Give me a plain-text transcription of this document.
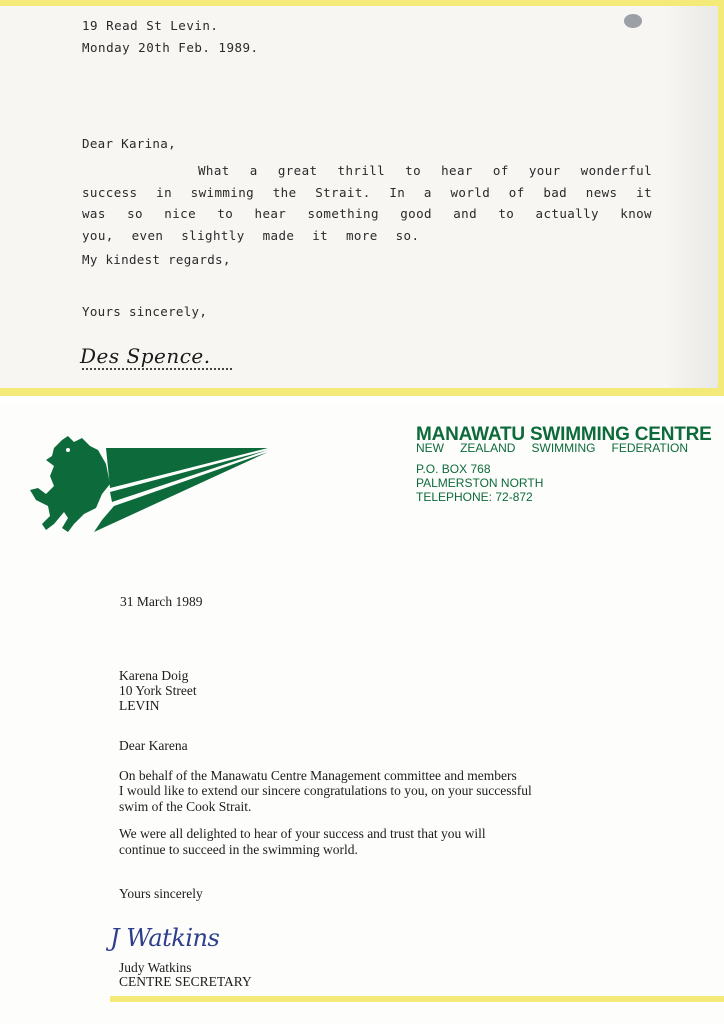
19 Read St Levin.
Monday 20th Feb. 1989.
Dear Karina,
What a great thrill to hear of your wonderful success in swimming the Strait. In a world of bad news it was so nice to hear something good and to actually know you, even slightly made it more so.
My kindest regards,
Yours sincerely,
Des Spence.
MANAWATU SWIMMING CENTRE
NEW ZEALAND SWIMMING FEDERATION
P.O. BOX 768
PALMERSTON NORTH
TELEPHONE: 72-872
31 March 1989
Karena Doig
10 York Street
LEVIN
Dear Karena
On behalf of the Manawatu Centre Management committee and members
I would like to extend our sincere congratulations to you, on your successful
swim of the Cook Strait.
We were all delighted to hear of your success and trust that you will
continue to succeed in the swimming world.
Yours sincerely
J Watkins
Judy Watkins
CENTRE SECRETARY
